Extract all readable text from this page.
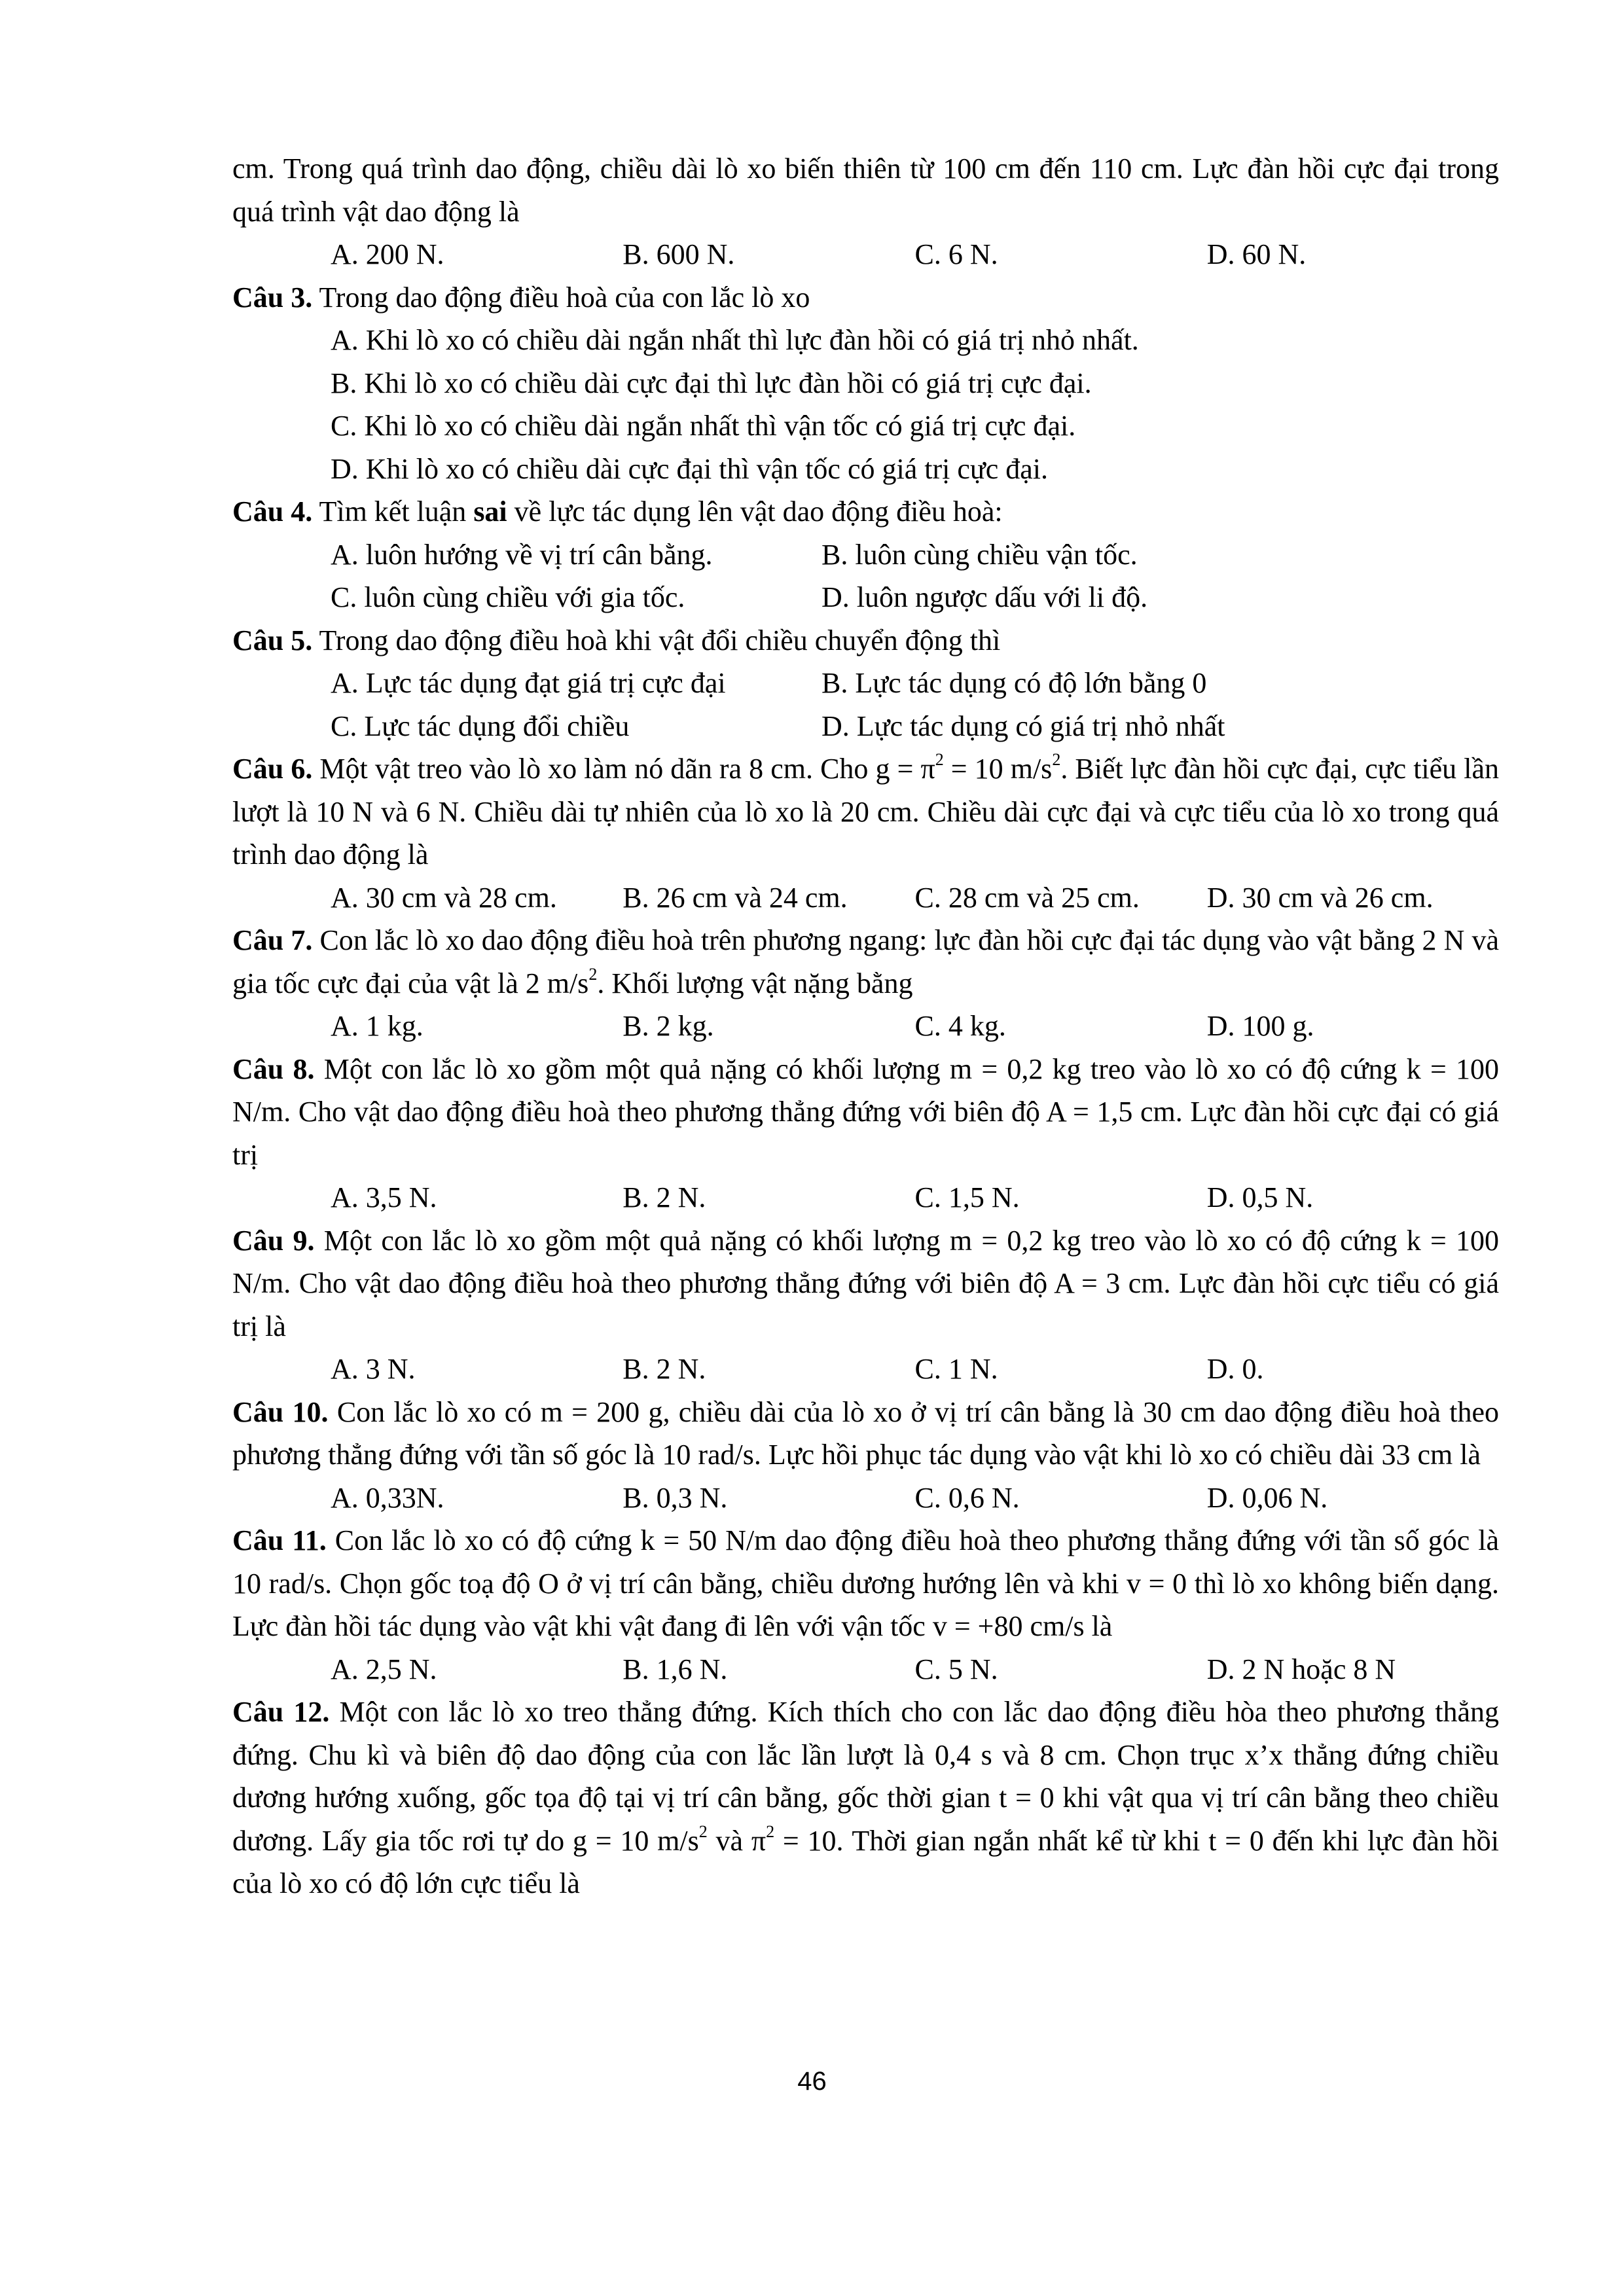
cm. Trong quá trình dao động, chiều dài lò xo biến thiên từ 100 cm đến 110 cm. Lực đàn hồi cực đại trong quá trình vật dao động là
A. 200 N.	B. 600 N.	C. 6 N.	D. 60 N.
Câu 3. Trong dao động điều hoà của con lắc lò xo
A. Khi lò xo có chiều dài ngắn nhất thì lực đàn hồi có giá trị nhỏ nhất.
B. Khi lò xo có chiều dài cực đại thì lực đàn hồi có giá trị cực đại.
C. Khi lò xo có chiều dài ngắn nhất thì vận tốc có giá trị cực đại.
D. Khi lò xo có chiều dài cực đại thì vận tốc có giá trị cực đại.
Câu 4. Tìm kết luận sai về lực tác dụng lên vật dao động điều hoà:
A. luôn hướng về vị trí cân bằng.	B. luôn cùng chiều vận tốc.
C. luôn cùng chiều với gia tốc.	D. luôn ngược dấu với li độ.
Câu 5. Trong dao động điều hoà khi vật đổi chiều chuyển động thì
A. Lực tác dụng đạt giá trị cực đại	B. Lực tác dụng có độ lớn bằng 0
C. Lực tác dụng đổi chiều	D. Lực tác dụng có giá trị nhỏ nhất
Câu 6. Một vật treo vào lò xo làm nó dãn ra 8 cm. Cho $g = \pi^2 = 10$ $m/s^2$. Biết lực đàn hồi cực đại, cực tiểu lần lượt là 10 N và 6 N. Chiều dài tự nhiên của lò xo là 20 cm. Chiều dài cực đại và cực tiểu của lò xo trong quá trình dao động là
A. 30 cm và 28 cm.	B. 26 cm và 24 cm.	C. 28 cm và 25 cm.	D. 30 cm và 26 cm.
Câu 7. Con lắc lò xo dao động điều hoà trên phương ngang: lực đàn hồi cực đại tác dụng vào vật bằng 2 N và gia tốc cực đại của vật là 2 $m/s^2$. Khối lượng vật nặng bằng
A. 1 kg.	B. 2 kg.	C. 4 kg.	D. 100 g.
Câu 8. Một con lắc lò xo gồm một quả nặng có khối lượng m = 0,2 kg treo vào lò xo có độ cứng k = 100 N/m. Cho vật dao động điều hoà theo phương thẳng đứng với biên độ A = 1,5 cm. Lực đàn hồi cực đại có giá trị
A. 3,5 N.	B. 2 N.	C. 1,5 N.	D. 0,5 N.
Câu 9. Một con lắc lò xo gồm một quả nặng có khối lượng m = 0,2 kg treo vào lò xo có độ cứng k = 100 N/m. Cho vật dao động điều hoà theo phương thẳng đứng với biên độ A = 3 cm. Lực đàn hồi cực tiểu có giá trị là
A. 3 N.	B. 2 N.	C. 1 N.	D. 0.
Câu 10. Con lắc lò xo có m = 200 g, chiều dài của lò xo ở vị trí cân bằng là 30 cm dao động điều hoà theo phương thẳng đứng với tần số góc là 10 rad/s. Lực hồi phục tác dụng vào vật khi lò xo có chiều dài 33 cm là
A. 0,33N.	B. 0,3 N.	C. 0,6 N.	D. 0,06 N.
Câu 11. Con lắc lò xo có độ cứng k = 50 N/m dao động điều hoà theo phương thẳng đứng với tần số góc là 10 rad/s. Chọn gốc toạ độ O ở vị trí cân bằng, chiều dương hướng lên và khi v = 0 thì lò xo không biến dạng. Lực đàn hồi tác dụng vào vật khi vật đang đi lên với vận tốc v = +80 cm/s là
A. 2,5 N.	B. 1,6 N.	C. 5 N.	D. 2 N hoặc 8 N
Câu 12. Một con lắc lò xo treo thẳng đứng. Kích thích cho con lắc dao động điều hòa theo phương thẳng đứng. Chu kì và biên độ dao động của con lắc lần lượt là 0,4 s và 8 cm. Chọn trục x’x thẳng đứng chiều dương hướng xuống, gốc tọa độ tại vị trí cân bằng, gốc thời gian t = 0 khi vật qua vị trí cân bằng theo chiều dương. Lấy gia tốc rơi tự do g = 10 $m/s^2$ và $\pi^2 = 10$. Thời gian ngắn nhất kể từ khi t = 0 đến khi lực đàn hồi của lò xo có độ lớn cực tiểu là
46
